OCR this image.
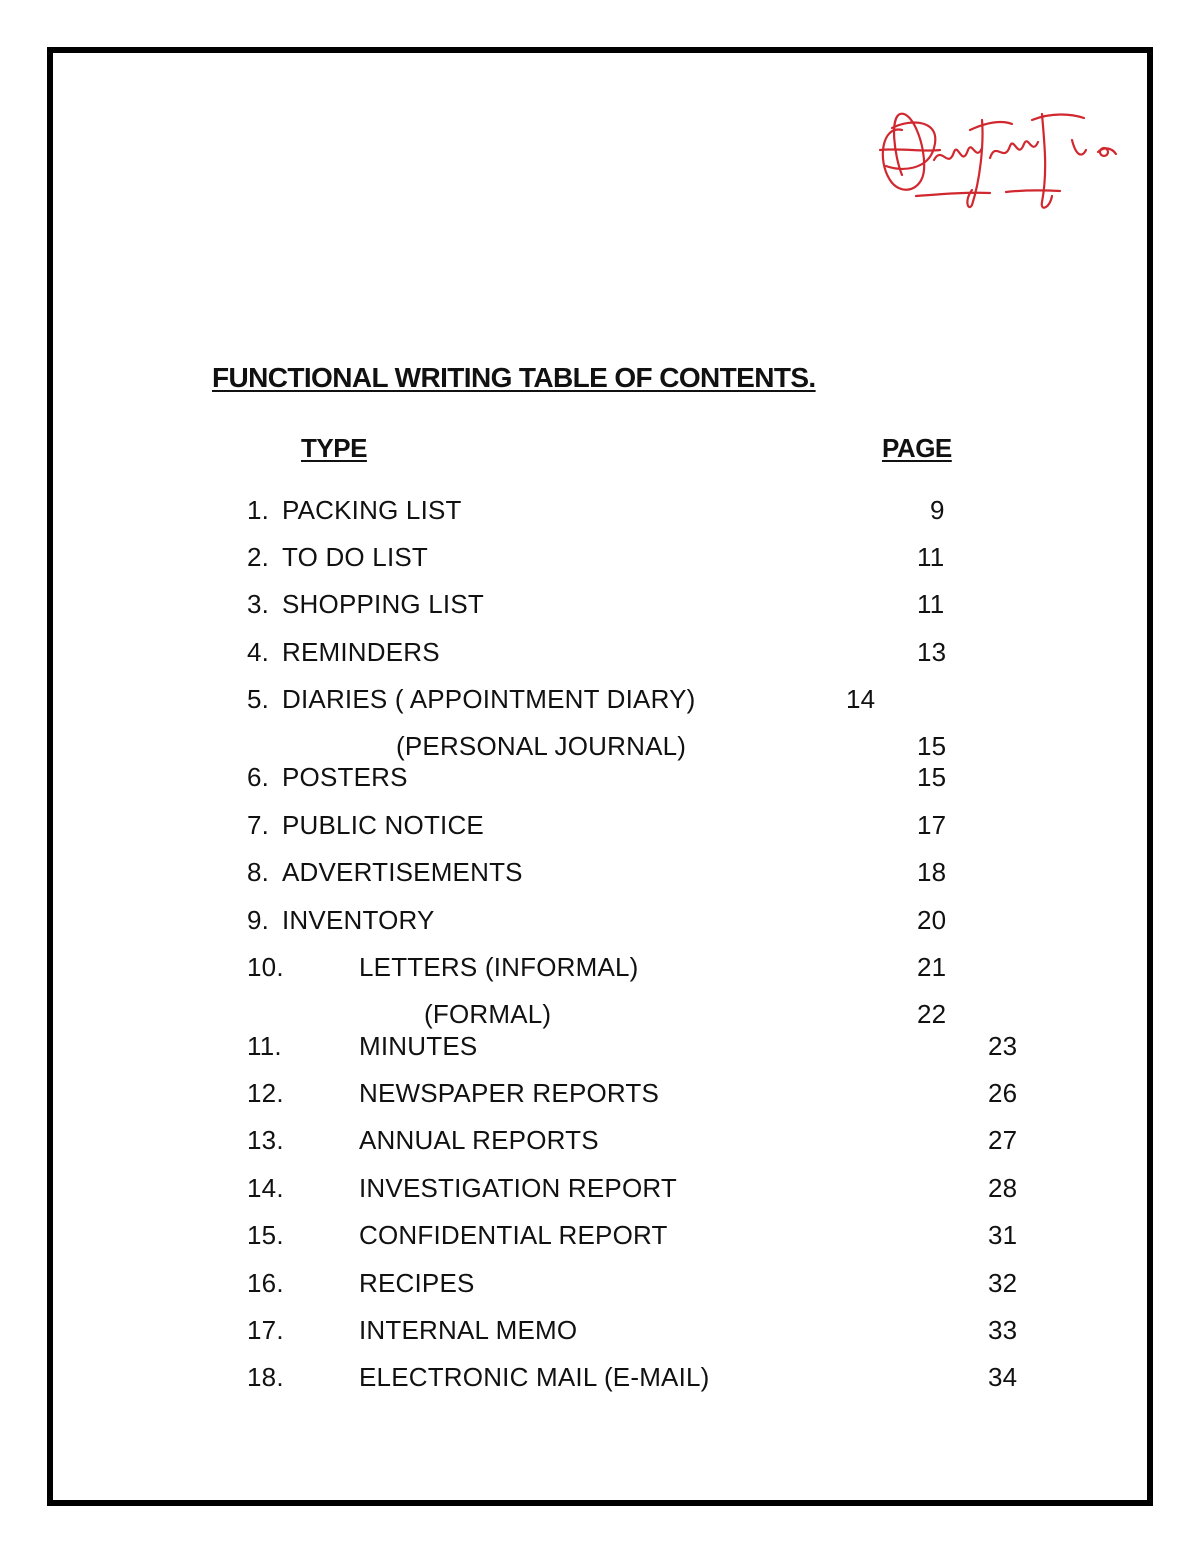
FUNCTIONAL WRITING TABLE OF CONTENTS.
TYPE	PAGE
1. PACKING LIST	9
2. TO DO LIST	11
3. SHOPPING LIST	11
4. REMINDERS	13
5. DIARIES ( APPOINTMENT DIARY)	14
(PERSONAL JOURNAL)	15
6. POSTERS	15
7. PUBLIC NOTICE	17
8. ADVERTISEMENTS	18
9. INVENTORY	20
10.	LETTERS (INFORMAL)	21
(FORMAL)	22
11.	MINUTES	23
12.	NEWSPAPER REPORTS	26
13.	ANNUAL REPORTS	27
14.	INVESTIGATION REPORT	28
15.	CONFIDENTIAL REPORT	31
16.	RECIPES	32
17.	INTERNAL MEMO	33
18.	ELECTRONIC MAIL (E-MAIL)	34
